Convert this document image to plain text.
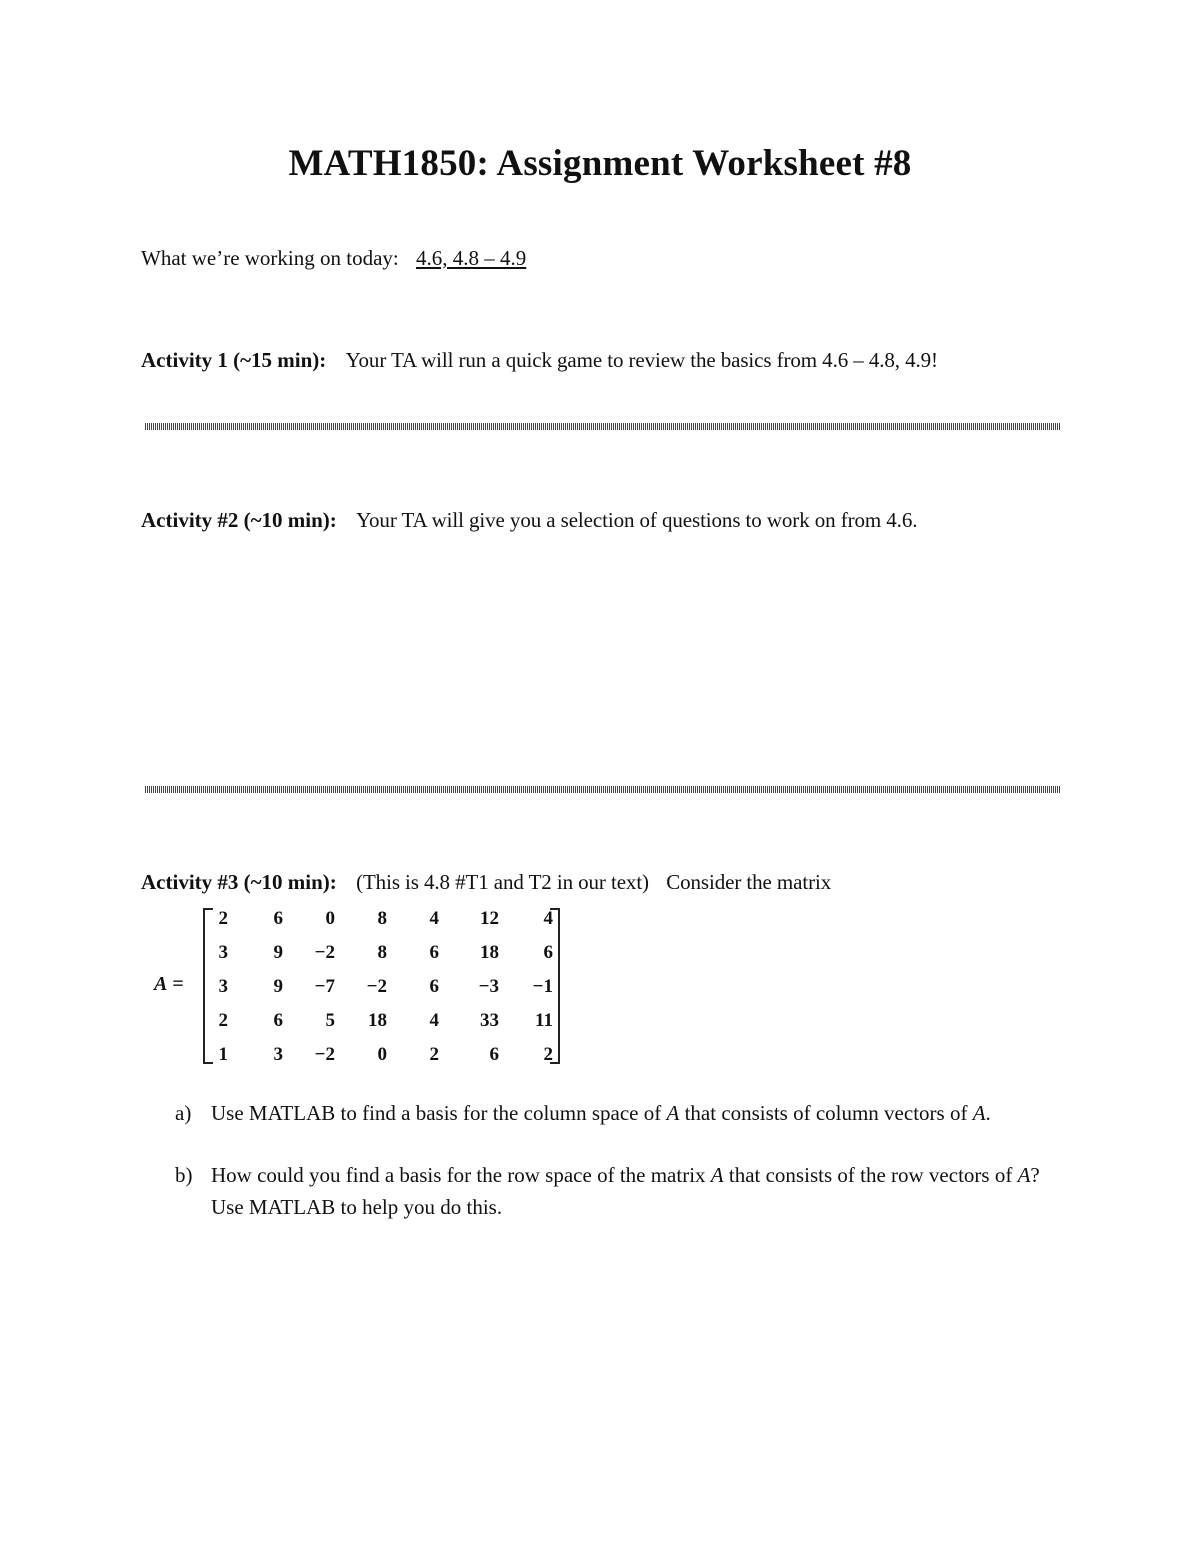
MATH1850: Assignment Worksheet #8
What we’re working on today: 4.6, 4.8 – 4.9
Activity 1 (~15 min): Your TA will run a quick game to review the basics from 4.6 – 4.8, 4.9!
Activity #2 (~10 min): Your TA will give you a selection of questions to work on from 4.6.
Activity #3 (~10 min): (This is 4.8 #T1 and T2 in our text) Consider the matrix
A =
2	6	0	8	4	12	4
3	9	−2	8	6	18	6
3	9	−7	−2	6	−3	−1
2	6	5	18	4	33	11
1	3	−2	0	2	6	2
a) Use MATLAB to find a basis for the column space of A that consists of column vectors of A.
b) How could you find a basis for the row space of the matrix A that consists of the row vectors of A? Use MATLAB to help you do this.
